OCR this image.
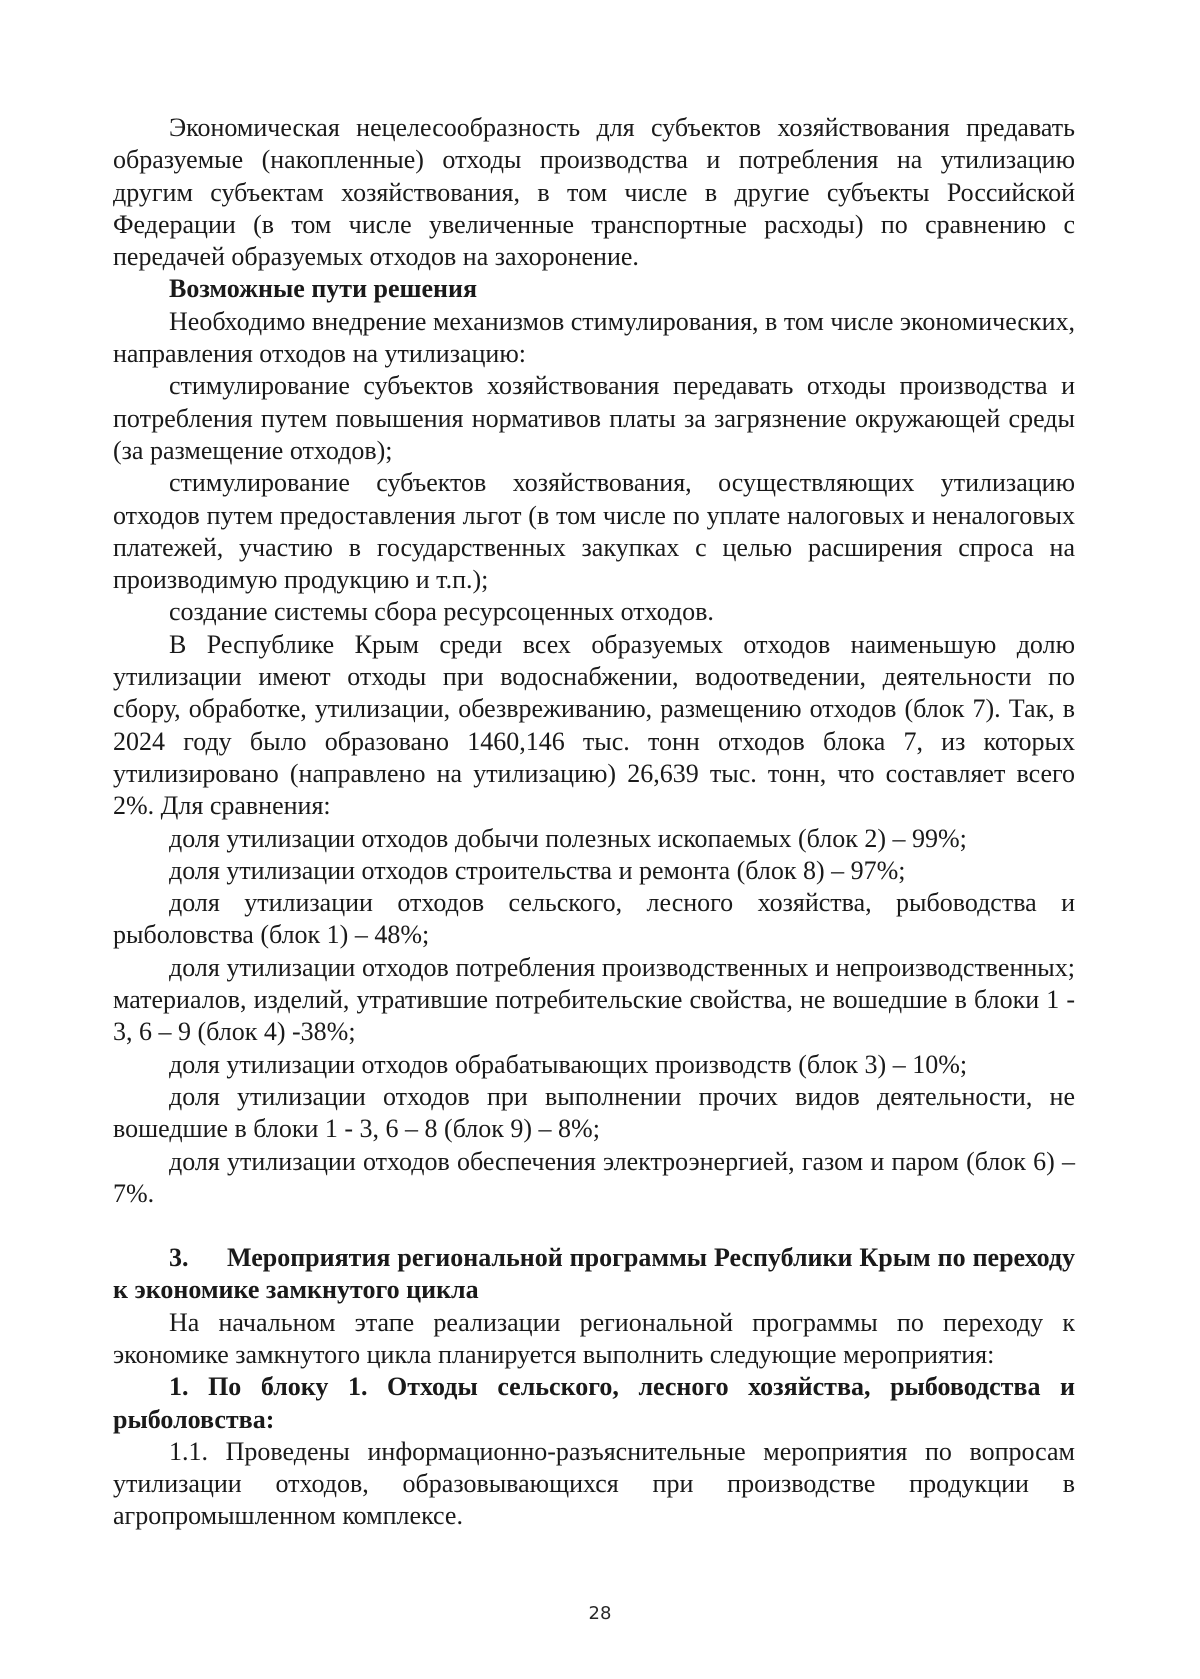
Экономическая нецелесообразность для субъектов хозяйствования предавать образуемые (накопленные) отходы производства и потребления на утилизацию другим субъектам хозяйствования, в том числе в другие субъекты Российской Федерации (в том числе увеличенные транспортные расходы) по сравнению с передачей образуемых отходов на захоронение.

Возможные пути решения

Необходимо внедрение механизмов стимулирования, в том числе экономических, направления отходов на утилизацию:

стимулирование субъектов хозяйствования передавать отходы производства и потребления путем повышения нормативов платы за загрязнение окружающей среды (за размещение отходов);

стимулирование субъектов хозяйствования, осуществляющих утилизацию отходов путем предоставления льгот (в том числе по уплате налоговых и неналоговых платежей, участию в государственных закупках с целью расширения спроса на производимую продукцию и т.п.);

создание системы сбора ресурсоценных отходов.

В Республике Крым среди всех образуемых отходов наименьшую долю утилизации имеют отходы при водоснабжении, водоотведении, деятельности по сбору, обработке, утилизации, обезвреживанию, размещению отходов (блок 7). Так, в 2024 году было образовано 1460,146 тыс. тонн отходов блока 7, из которых утилизировано (направлено на утилизацию) 26,639 тыс. тонн, что составляет всего 2%. Для сравнения:

доля утилизации отходов добычи полезных ископаемых (блок 2) – 99%;

доля утилизации отходов строительства и ремонта (блок 8) – 97%;

доля утилизации отходов сельского, лесного хозяйства, рыбоводства и рыболовства (блок 1) – 48%;

доля утилизации отходов потребления производственных и непроизводственных; материалов, изделий, утратившие потребительские свойства, не вошедшие в блоки 1 - 3, 6 – 9 (блок 4) -38%;

доля утилизации отходов обрабатывающих производств (блок 3) – 10%;

доля утилизации отходов при выполнении прочих видов деятельности, не вошедшие в блоки 1 - 3, 6 – 8 (блок 9) – 8%;

доля утилизации отходов обеспечения электроэнергией, газом и паром (блок 6) – 7%.

3. Мероприятия региональной программы Республики Крым по переходу к экономике замкнутого цикла

На начальном этапе реализации региональной программы по переходу к экономике замкнутого цикла планируется выполнить следующие мероприятия:

1. По блоку 1. Отходы сельского, лесного хозяйства, рыбоводства и рыболовства:

1.1. Проведены информационно-разъяснительные мероприятия по вопросам утилизации отходов, образовывающихся при производстве продукции в агропромышленном комплексе.

28
